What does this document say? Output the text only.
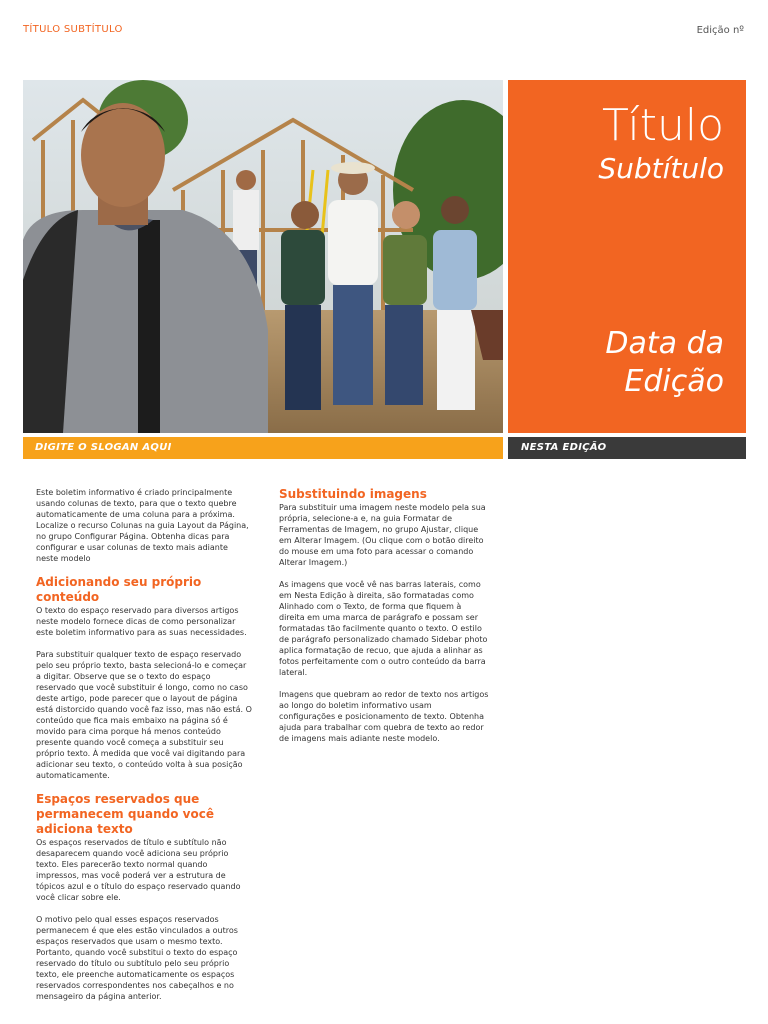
TÍTULO SUBTÍTULO	Edição nº
Título
Subtítulo
Data da Edição
DIGITE O SLOGAN AQUI	NESTA EDIÇÃO

Este boletim informativo é criado principalmente usando colunas de texto, para que o texto quebre automaticamente de uma coluna para a próxima. Localize o recurso Colunas na guia Layout da Página, no grupo Configurar Página. Obtenha dicas para configurar e usar colunas de texto mais adiante neste modelo

Adicionando seu próprio conteúdo

O texto do espaço reservado para diversos artigos neste modelo fornece dicas de como personalizar este boletim informativo para as suas necessidades.

Para substituir qualquer texto de espaço reservado pelo seu próprio texto, basta selecioná-lo e começar a digitar. Observe que se o texto do espaço reservado que você substituir é longo, como no caso deste artigo, pode parecer que o layout de página está distorcido quando você faz isso, mas não está. O conteúdo que fica mais embaixo na página só é movido para cima porque há menos conteúdo presente quando você começa a substituir seu próprio texto. À medida que você vai digitando para adicionar seu texto, o conteúdo volta à sua posição automaticamente.

Espaços reservados que permanecem quando você adiciona texto

Os espaços reservados de título e subtítulo não desaparecem quando você adiciona seu próprio texto. Eles parecerão texto normal quando impressos, mas você poderá ver a estrutura de tópicos azul e o título do espaço reservado quando você clicar sobre ele.

O motivo pelo qual esses espaços reservados permanecem é que eles estão vinculados a outros espaços reservados que usam o mesmo texto. Portanto, quando você substitui o texto do espaço reservado do título ou subtítulo pelo seu próprio texto, ele preenche automaticamente os espaços reservados correspondentes nos cabeçalhos e no mensageiro da página anterior.

Substituindo imagens

Para substituir uma imagem neste modelo pela sua própria, selecione-a e, na guia Formatar de Ferramentas de Imagem, no grupo Ajustar, clique em Alterar Imagem. (Ou clique com o botão direito do mouse em uma foto para acessar o comando Alterar Imagem.)

As imagens que você vê nas barras laterais, como em Nesta Edição à direita, são formatadas como Alinhado com o Texto, de forma que fiquem à direita em uma marca de parágrafo e possam ser formatadas tão facilmente quanto o texto. O estilo de parágrafo personalizado chamado Sidebar photo aplica formatação de recuo, que ajuda a alinhar as fotos perfeitamente com o outro conteúdo da barra lateral.

Imagens que quebram ao redor de texto nos artigos ao longo do boletim informativo usam configurações e posicionamento de texto. Obtenha ajuda para trabalhar com quebra de texto ao redor de imagens mais adiante neste modelo.
